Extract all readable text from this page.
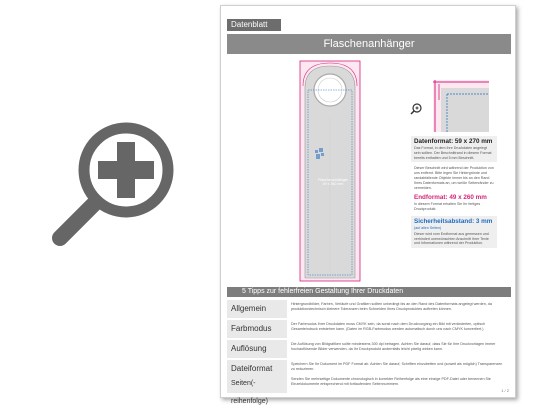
Datenblatt
Flaschenanhänger
Flaschenanhänger
49 x 260 mm
Datenformat: 59 x 270 mm
Das Format, in dem Ihre Druckdaten angelegt sein sollten. Der Beschnittrand in diesem Format bereits enthalten und 5 mm Beschnitt.
Dieser Beschnitt wird während der Produktion von uns entfernt. Bitte legen Sie Hintergründe und randabfallende Objekte immer bis an den Rand Ihres Datenformats an, um weiße Seitenränder zu vermeiden.
Endformat: 49 x 260 mm
In diesem Format erhalten Sie Ihr fertiges Druckprodukt.
Sicherheitsabstand: 3 mm
(auf allen Seiten)
Dieser wird vom Endformat aus gemessen und verhindert unerwünschten Anschnitt Ihrer Texte und Informationen während der Produktion.
5 Tipps zur fehlerfreien Gestaltung Ihrer Druckdaten
Allgemein	Hintergrundbilder, Farben, Verläufe und Grafiken sollten unbedingt bis an den Rand des Datenformats angelegt werden, da produktionstechnisch kleinere Toleranzen beim Schneiden Ihres Druckproduktes auftreten können.
Farbmodus	Der Farbmodus Ihrer Druckdaten muss CMYK sein, da sonst nach dem Druckvorgang ein Bild mit veränderten, optisch Gesamteindruck entstehen kann. (Daten im RGB-Farbmodus werden automatisch durch uns nach CMYK konvertiert.)
Auflösung	Die Auflösung von Bildgrafiken sollte mindestens 300 dpi betragen. Achten Sie darauf, dass Sie für Ihre Druckvorlagen immer hochauflösende Bilder verwenden, da Ihr Druckprodukt andernfalls leicht pixelig wirken kann.
Dateiformat	Speichern Sie Ihr Dokument im PDF Format ab. Achten Sie darauf, Schriften einzubetten und (soweit als möglich) Transparenzen zu reduzieren.
Seiten(-reihenfolge)
Senden Sie mehrseitige Dokumente chronologisch in korrekter Reihenfolge als eine einzige PDF-Datei oder benennen Sie Einzeldokumente entsprechend mit fortlaufenden Seitennummern.
1 / 2
